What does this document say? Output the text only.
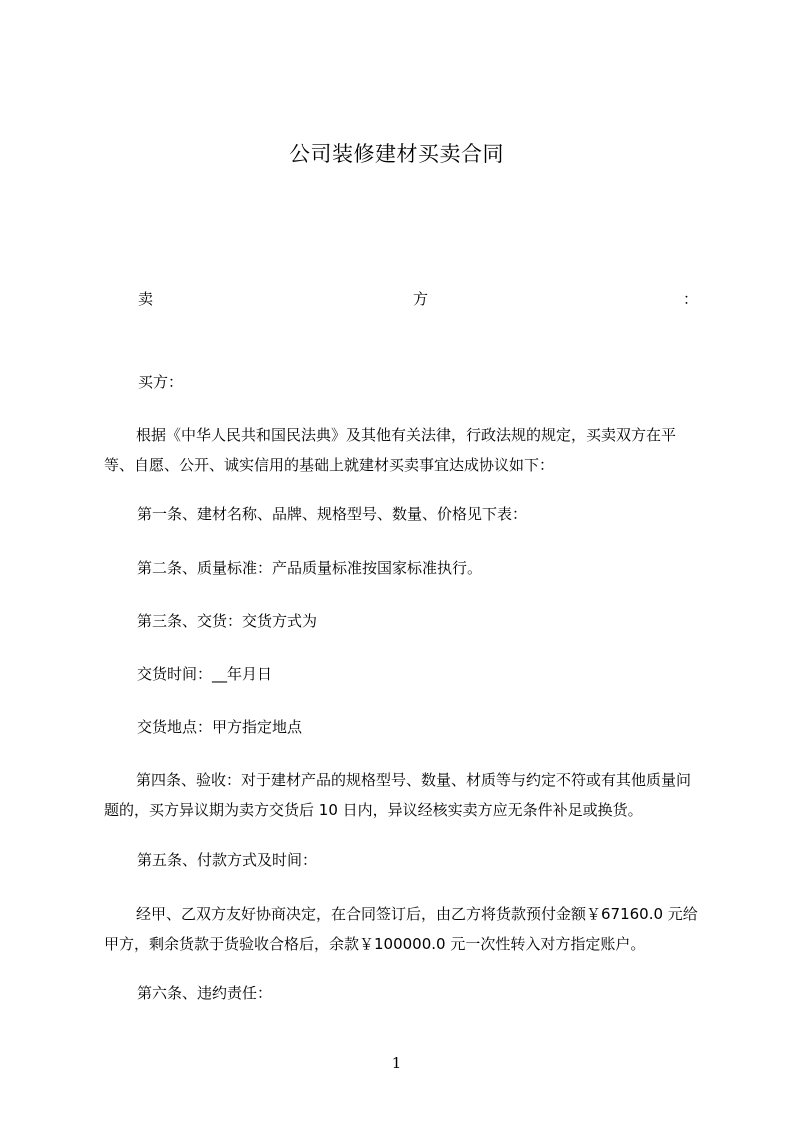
公司装修建材买卖合同
卖	方	：
买方：
根据《中华人民共和国民法典》及其他有关法律，行政法规的规定，买卖双方在平等、自愿、公开、诚实信用的基础上就建材买卖事宜达成协议如下：
第一条、建材名称、品牌、规格型号、数量、价格见下表：
第二条、质量标准：产品质量标准按国家标准执行。
第三条、交货：交货方式为
交货时间：__年月日
交货地点：甲方指定地点
第四条、验收：对于建材产品的规格型号、数量、材质等与约定不符或有其他质量问题的，买方异议期为卖方交货后 10 日内，异议经核实卖方应无条件补足或换货。
第五条、付款方式及时间：
经甲、乙双方友好协商决定，在合同签订后，由乙方将货款预付金额￥67160.0 元给甲方，剩余货款于货验收合格后，余款￥100000.0 元一次性转入对方指定账户。
第六条、违约责任：
1
